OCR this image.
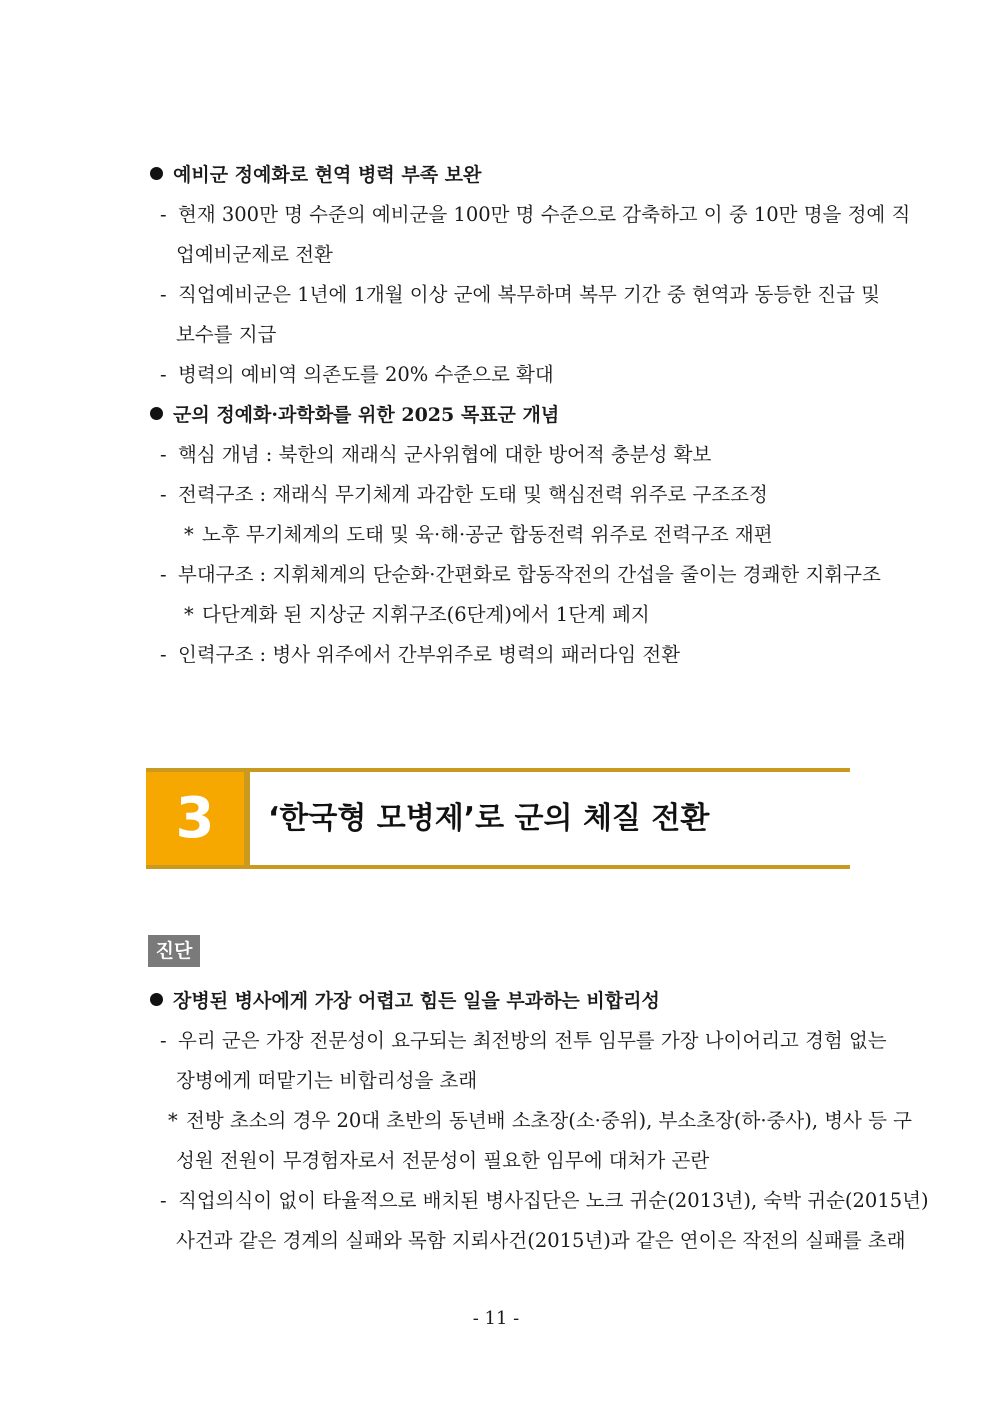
예비군 정예화로 현역 병력 부족 보완
- 현재 300만 명 수준의 예비군을 100만 명 수준으로 감축하고 이 중 10만 명을 정예 직
업예비군제로 전환
- 직업예비군은 1년에 1개월 이상 군에 복무하며 복무 기간 중 현역과 동등한 진급 및
보수를 지급
- 병력의 예비역 의존도를 20% 수준으로 확대
군의 정예화·과학화를 위한 2025 목표군 개념
- 핵심 개념 : 북한의 재래식 군사위협에 대한 방어적 충분성 확보
- 전력구조 : 재래식 무기체계 과감한 도태 및 핵심전력 위주로 구조조정
* 노후 무기체계의 도태 및 육·해·공군 합동전력 위주로 전력구조 재편
- 부대구조 : 지휘체계의 단순화·간편화로 합동작전의 간섭을 줄이는 경쾌한 지휘구조
* 다단계화 된 지상군 지휘구조(6단계)에서 1단계 폐지
- 인력구조 : 병사 위주에서 간부위주로 병력의 패러다임 전환
3	‘한국형 모병제’로 군의 체질 전환
진단
장병된 병사에게 가장 어렵고 힘든 일을 부과하는 비합리성
- 우리 군은 가장 전문성이 요구되는 최전방의 전투 임무를 가장 나이어리고 경험 없는
장병에게 떠맡기는 비합리성을 초래
* 전방 초소의 경우 20대 초반의 동년배 소초장(소·중위), 부소초장(하·중사), 병사 등 구
성원 전원이 무경험자로서 전문성이 필요한 임무에 대처가 곤란
- 직업의식이 없이 타율적으로 배치된 병사집단은 노크 귀순(2013년), 숙박 귀순(2015년)
사건과 같은 경계의 실패와 목함 지뢰사건(2015년)과 같은 연이은 작전의 실패를 초래
- 11 -
